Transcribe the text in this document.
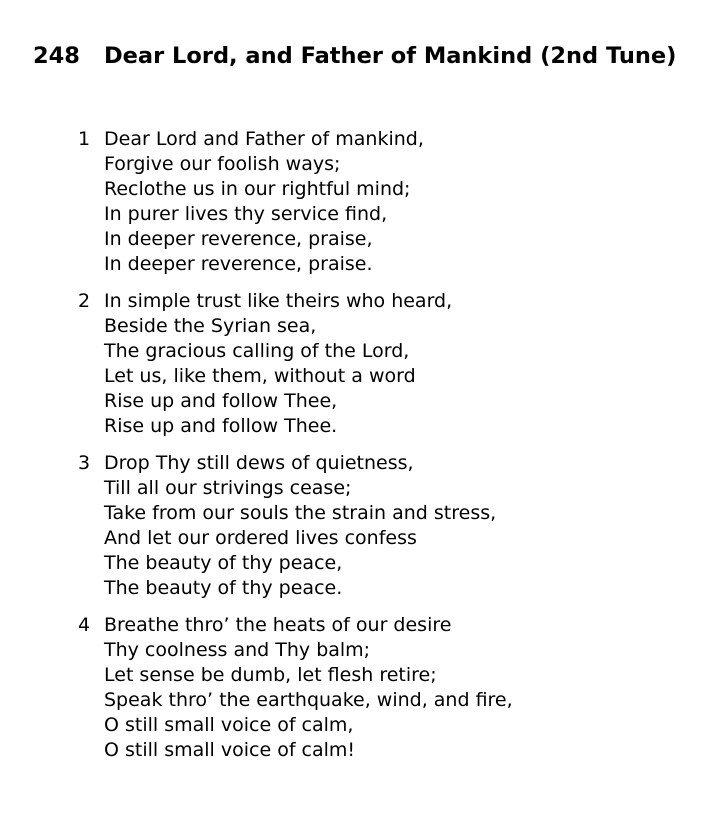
248 Dear Lord, and Father of Mankind (2nd Tune)
1 Dear Lord and Father of mankind,
Forgive our foolish ways;
Reclothe us in our rightful mind;
In purer lives thy service find,
In deeper reverence, praise,
In deeper reverence, praise.
2 In simple trust like theirs who heard,
Beside the Syrian sea,
The gracious calling of the Lord,
Let us, like them, without a word
Rise up and follow Thee,
Rise up and follow Thee.
3 Drop Thy still dews of quietness,
Till all our strivings cease;
Take from our souls the strain and stress,
And let our ordered lives confess
The beauty of thy peace,
The beauty of thy peace.
4 Breathe thro’ the heats of our desire
Thy coolness and Thy balm;
Let sense be dumb, let flesh retire;
Speak thro’ the earthquake, wind, and fire,
O still small voice of calm,
O still small voice of calm!
